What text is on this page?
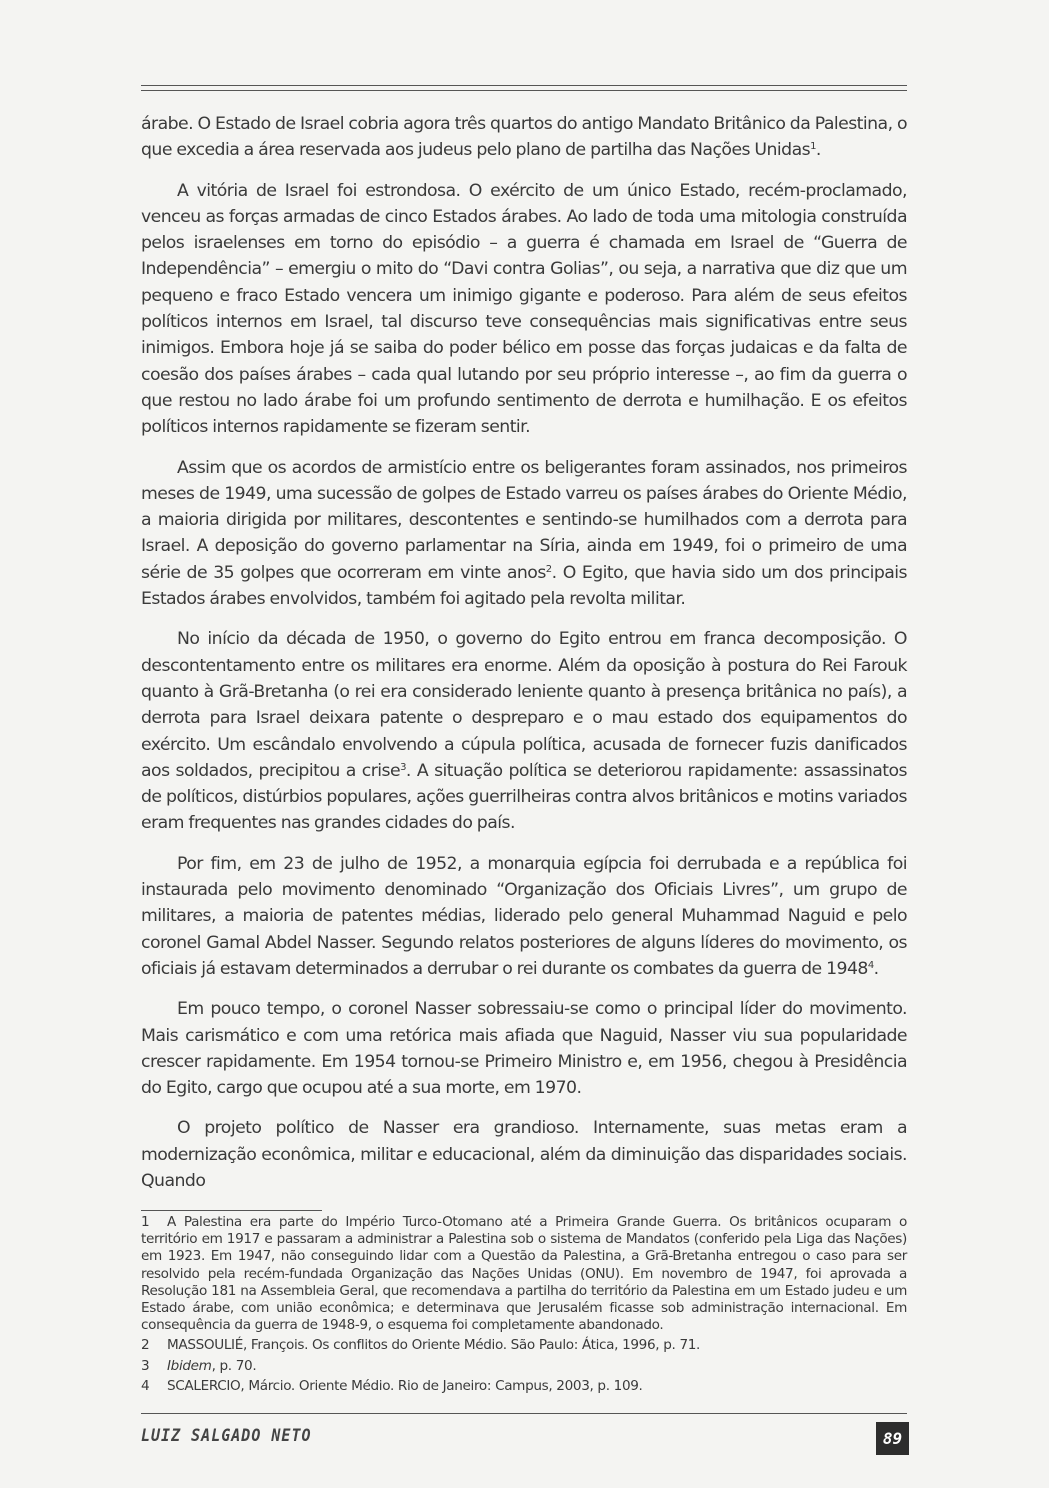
árabe. O Estado de Israel cobria agora três quartos do antigo Mandato Britânico da Palestina, o que excedia a área reservada aos judeus pelo plano de partilha das Nações Unidas$^1$.

A vitória de Israel foi estrondosa. O exército de um único Estado, recém-proclamado, venceu as forças armadas de cinco Estados árabes. Ao lado de toda uma mitologia construída pelos israelenses em torno do episódio – a guerra é chamada em Israel de “Guerra de Independência” – emergiu o mito do “Davi contra Golias”, ou seja, a narrativa que diz que um pequeno e fraco Estado vencera um inimigo gigante e poderoso. Para além de seus efeitos políticos internos em Israel, tal discurso teve consequências mais significativas entre seus inimigos. Embora hoje já se saiba do poder bélico em posse das forças judaicas e da falta de coesão dos países árabes – cada qual lutando por seu próprio interesse –, ao fim da guerra o que restou no lado árabe foi um profundo sentimento de derrota e humilhação. E os efeitos políticos internos rapidamente se fizeram sentir.

Assim que os acordos de armistício entre os beligerantes foram assinados, nos primeiros meses de 1949, uma sucessão de golpes de Estado varreu os países árabes do Oriente Médio, a maioria dirigida por militares, descontentes e sentindo-se humilhados com a derrota para Israel. A deposição do governo parlamentar na Síria, ainda em 1949, foi o primeiro de uma série de 35 golpes que ocorreram em vinte anos$^2$. O Egito, que havia sido um dos principais Estados árabes envolvidos, também foi agitado pela revolta militar.

No início da década de 1950, o governo do Egito entrou em franca decomposição. O descontentamento entre os militares era enorme. Além da oposição à postura do Rei Farouk quanto à Grã-Bretanha (o rei era considerado leniente quanto à presença britânica no país), a derrota para Israel deixara patente o despreparo e o mau estado dos equipamentos do exército. Um escândalo envolvendo a cúpula política, acusada de fornecer fuzis danificados aos soldados, precipitou a crise$^3$. A situação política se deteriorou rapidamente: assassinatos de políticos, distúrbios populares, ações guerrilheiras contra alvos britânicos e motins variados eram frequentes nas grandes cidades do país.

Por fim, em 23 de julho de 1952, a monarquia egípcia foi derrubada e a república foi instaurada pelo movimento denominado “Organização dos Oficiais Livres”, um grupo de militares, a maioria de patentes médias, liderado pelo general Muhammad Naguid e pelo coronel Gamal Abdel Nasser. Segundo relatos posteriores de alguns líderes do movimento, os oficiais já estavam determinados a derrubar o rei durante os combates da guerra de 1948$^4$.

Em pouco tempo, o coronel Nasser sobressaiu-se como o principal líder do movimento. Mais carismático e com uma retórica mais afiada que Naguid, Nasser viu sua popularidade crescer rapidamente. Em 1954 tornou-se Primeiro Ministro e, em 1956, chegou à Presidência do Egito, cargo que ocupou até a sua morte, em 1970.

O projeto político de Nasser era grandioso. Internamente, suas metas eram a modernização econômica, militar e educacional, além da diminuição das disparidades sociais. Quando

1 A Palestina era parte do Império Turco-Otomano até a Primeira Grande Guerra. Os britânicos ocuparam o território em 1917 e passaram a administrar a Palestina sob o sistema de Mandatos (conferido pela Liga das Nações) em 1923. Em 1947, não conseguindo lidar com a Questão da Palestina, a Grã-Bretanha entregou o caso para ser resolvido pela recém-fundada Organização das Nações Unidas (ONU). Em novembro de 1947, foi aprovada a Resolução 181 na Assembleia Geral, que recomendava a partilha do território da Palestina em um Estado judeu e um Estado árabe, com união econômica; e determinava que Jerusalém ficasse sob administração internacional. Em consequência da guerra de 1948-9, o esquema foi completamente abandonado.
2 MASSOULIÉ, François. Os conflitos do Oriente Médio. São Paulo: Ática, 1996, p. 71.
3 Ibidem, p. 70.
4 SCALERCIO, Márcio. Oriente Médio. Rio de Janeiro: Campus, 2003, p. 109.
LUIZ SALGADO NETO	89
